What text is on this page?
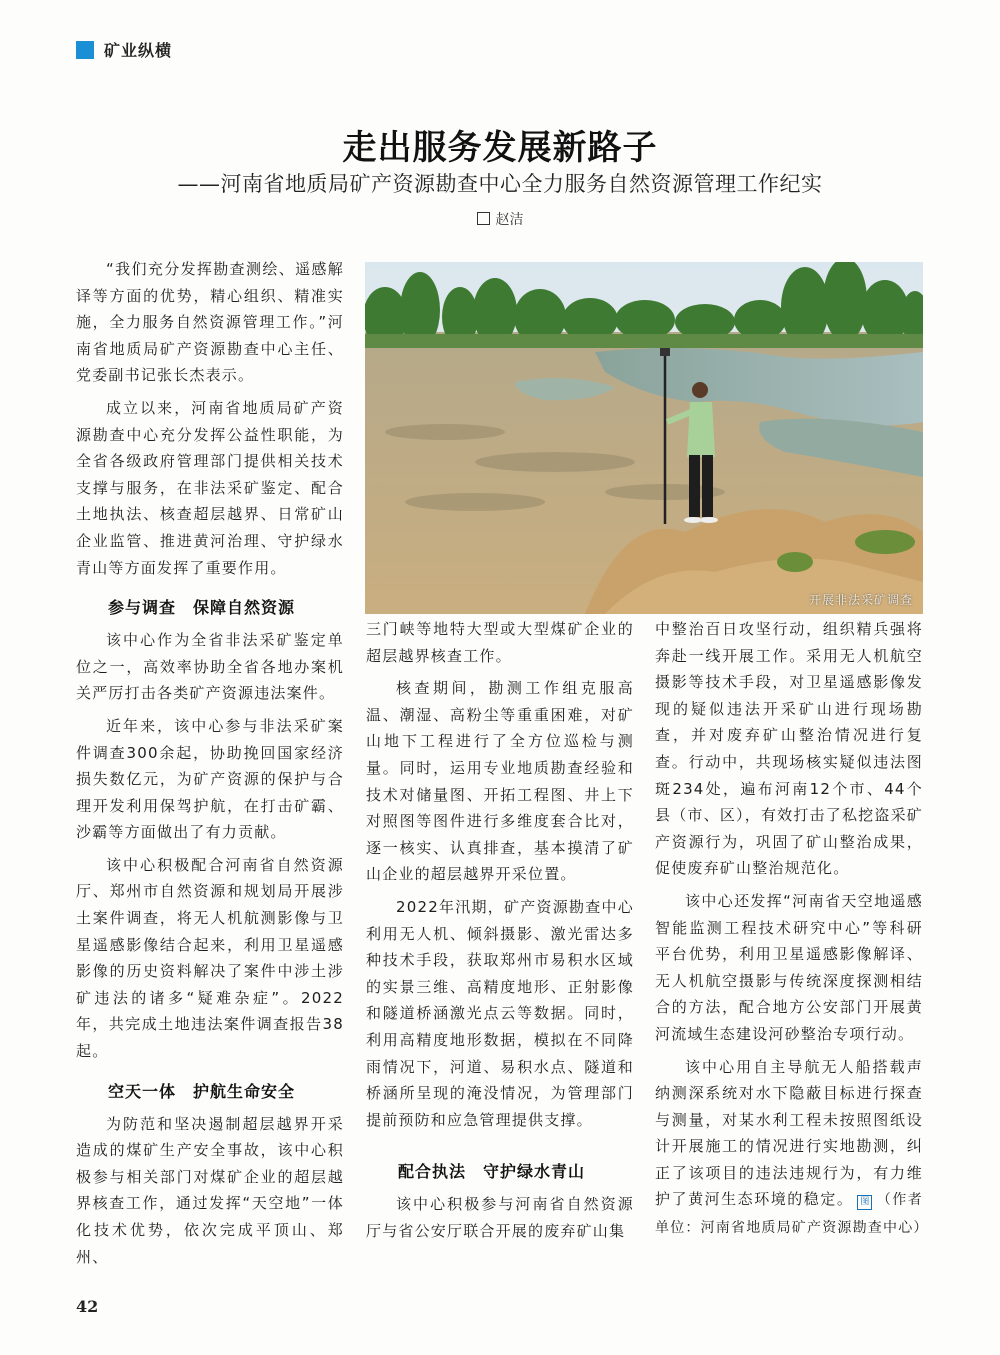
矿业纵横
走出服务发展新路子
——河南省地质局矿产资源勘查中心全力服务自然资源管理工作纪实
赵洁
开展非法采矿调查

“我们充分发挥勘查测绘、遥感解译等方面的优势，精心组织、精准实施，全力服务自然资源管理工作。”河南省地质局矿产资源勘查中心主任、党委副书记张长杰表示。

成立以来，河南省地质局矿产资源勘查中心充分发挥公益性职能，为全省各级政府管理部门提供相关技术支撑与服务，在非法采矿鉴定、配合土地执法、核查超层越界、日常矿山企业监管、推进黄河治理、守护绿水青山等方面发挥了重要作用。

参与调查　保障自然资源

该中心作为全省非法采矿鉴定单位之一，高效率协助全省各地办案机关严厉打击各类矿产资源违法案件。

近年来，该中心参与非法采矿案件调查300余起，协助挽回国家经济损失数亿元，为矿产资源的保护与合理开发利用保驾护航，在打击矿霸、沙霸等方面做出了有力贡献。

该中心积极配合河南省自然资源厅、郑州市自然资源和规划局开展涉土案件调查，将无人机航测影像与卫星遥感影像结合起来，利用卫星遥感影像的历史资料解决了案件中涉土涉矿违法的诸多“疑难杂症”。2022年，共完成土地违法案件调查报告38起。

空天一体　护航生命安全

为防范和坚决遏制超层越界开采造成的煤矿生产安全事故，该中心积极参与相关部门对煤矿企业的超层越界核查工作，通过发挥“天空地”一体化技术优势，依次完成平顶山、郑州、

三门峡等地特大型或大型煤矿企业的超层越界核查工作。

核查期间，勘测工作组克服高温、潮湿、高粉尘等重重困难，对矿山地下工程进行了全方位巡检与测量。同时，运用专业地质勘查经验和技术对储量图、开拓工程图、井上下对照图等图件进行多维度套合比对，逐一核实、认真排查，基本摸清了矿山企业的超层越界开采位置。

2022年汛期，矿产资源勘查中心利用无人机、倾斜摄影、激光雷达多种技术手段，获取郑州市易积水区域的实景三维、高精度地形、正射影像和隧道桥涵激光点云等数据。同时，利用高精度地形数据，模拟在不同降雨情况下，河道、易积水点、隧道和桥涵所呈现的淹没情况，为管理部门提前预防和应急管理提供支撑。

配合执法　守护绿水青山

该中心积极参与河南省自然资源厅与省公安厅联合开展的废弃矿山集

中整治百日攻坚行动，组织精兵强将奔赴一线开展工作。采用无人机航空摄影等技术手段，对卫星遥感影像发现的疑似违法开采矿山进行现场勘查，并对废弃矿山整治情况进行复查。行动中，共现场核实疑似违法图斑234处，遍布河南12个市、44个县（市、区），有效打击了私挖盗采矿产资源行为，巩固了矿山整治成果，促使废弃矿山整治规范化。

该中心还发挥“河南省天空地遥感智能监测工程技术研究中心”等科研平台优势，利用卫星遥感影像解译、无人机航空摄影与传统深度探测相结合的方法，配合地方公安部门开展黄河流域生态建设河砂整治专项行动。

该中心用自主导航无人船搭载声纳测深系统对水下隐蔽目标进行探查与测量，对某水利工程未按照图纸设计开展施工的情况进行实地勘测，纠正了该项目的违法违规行为，有力维护了黄河生态环境的稳定。 图 （作者单位：河南省地质局矿产资源勘查中心）

42
